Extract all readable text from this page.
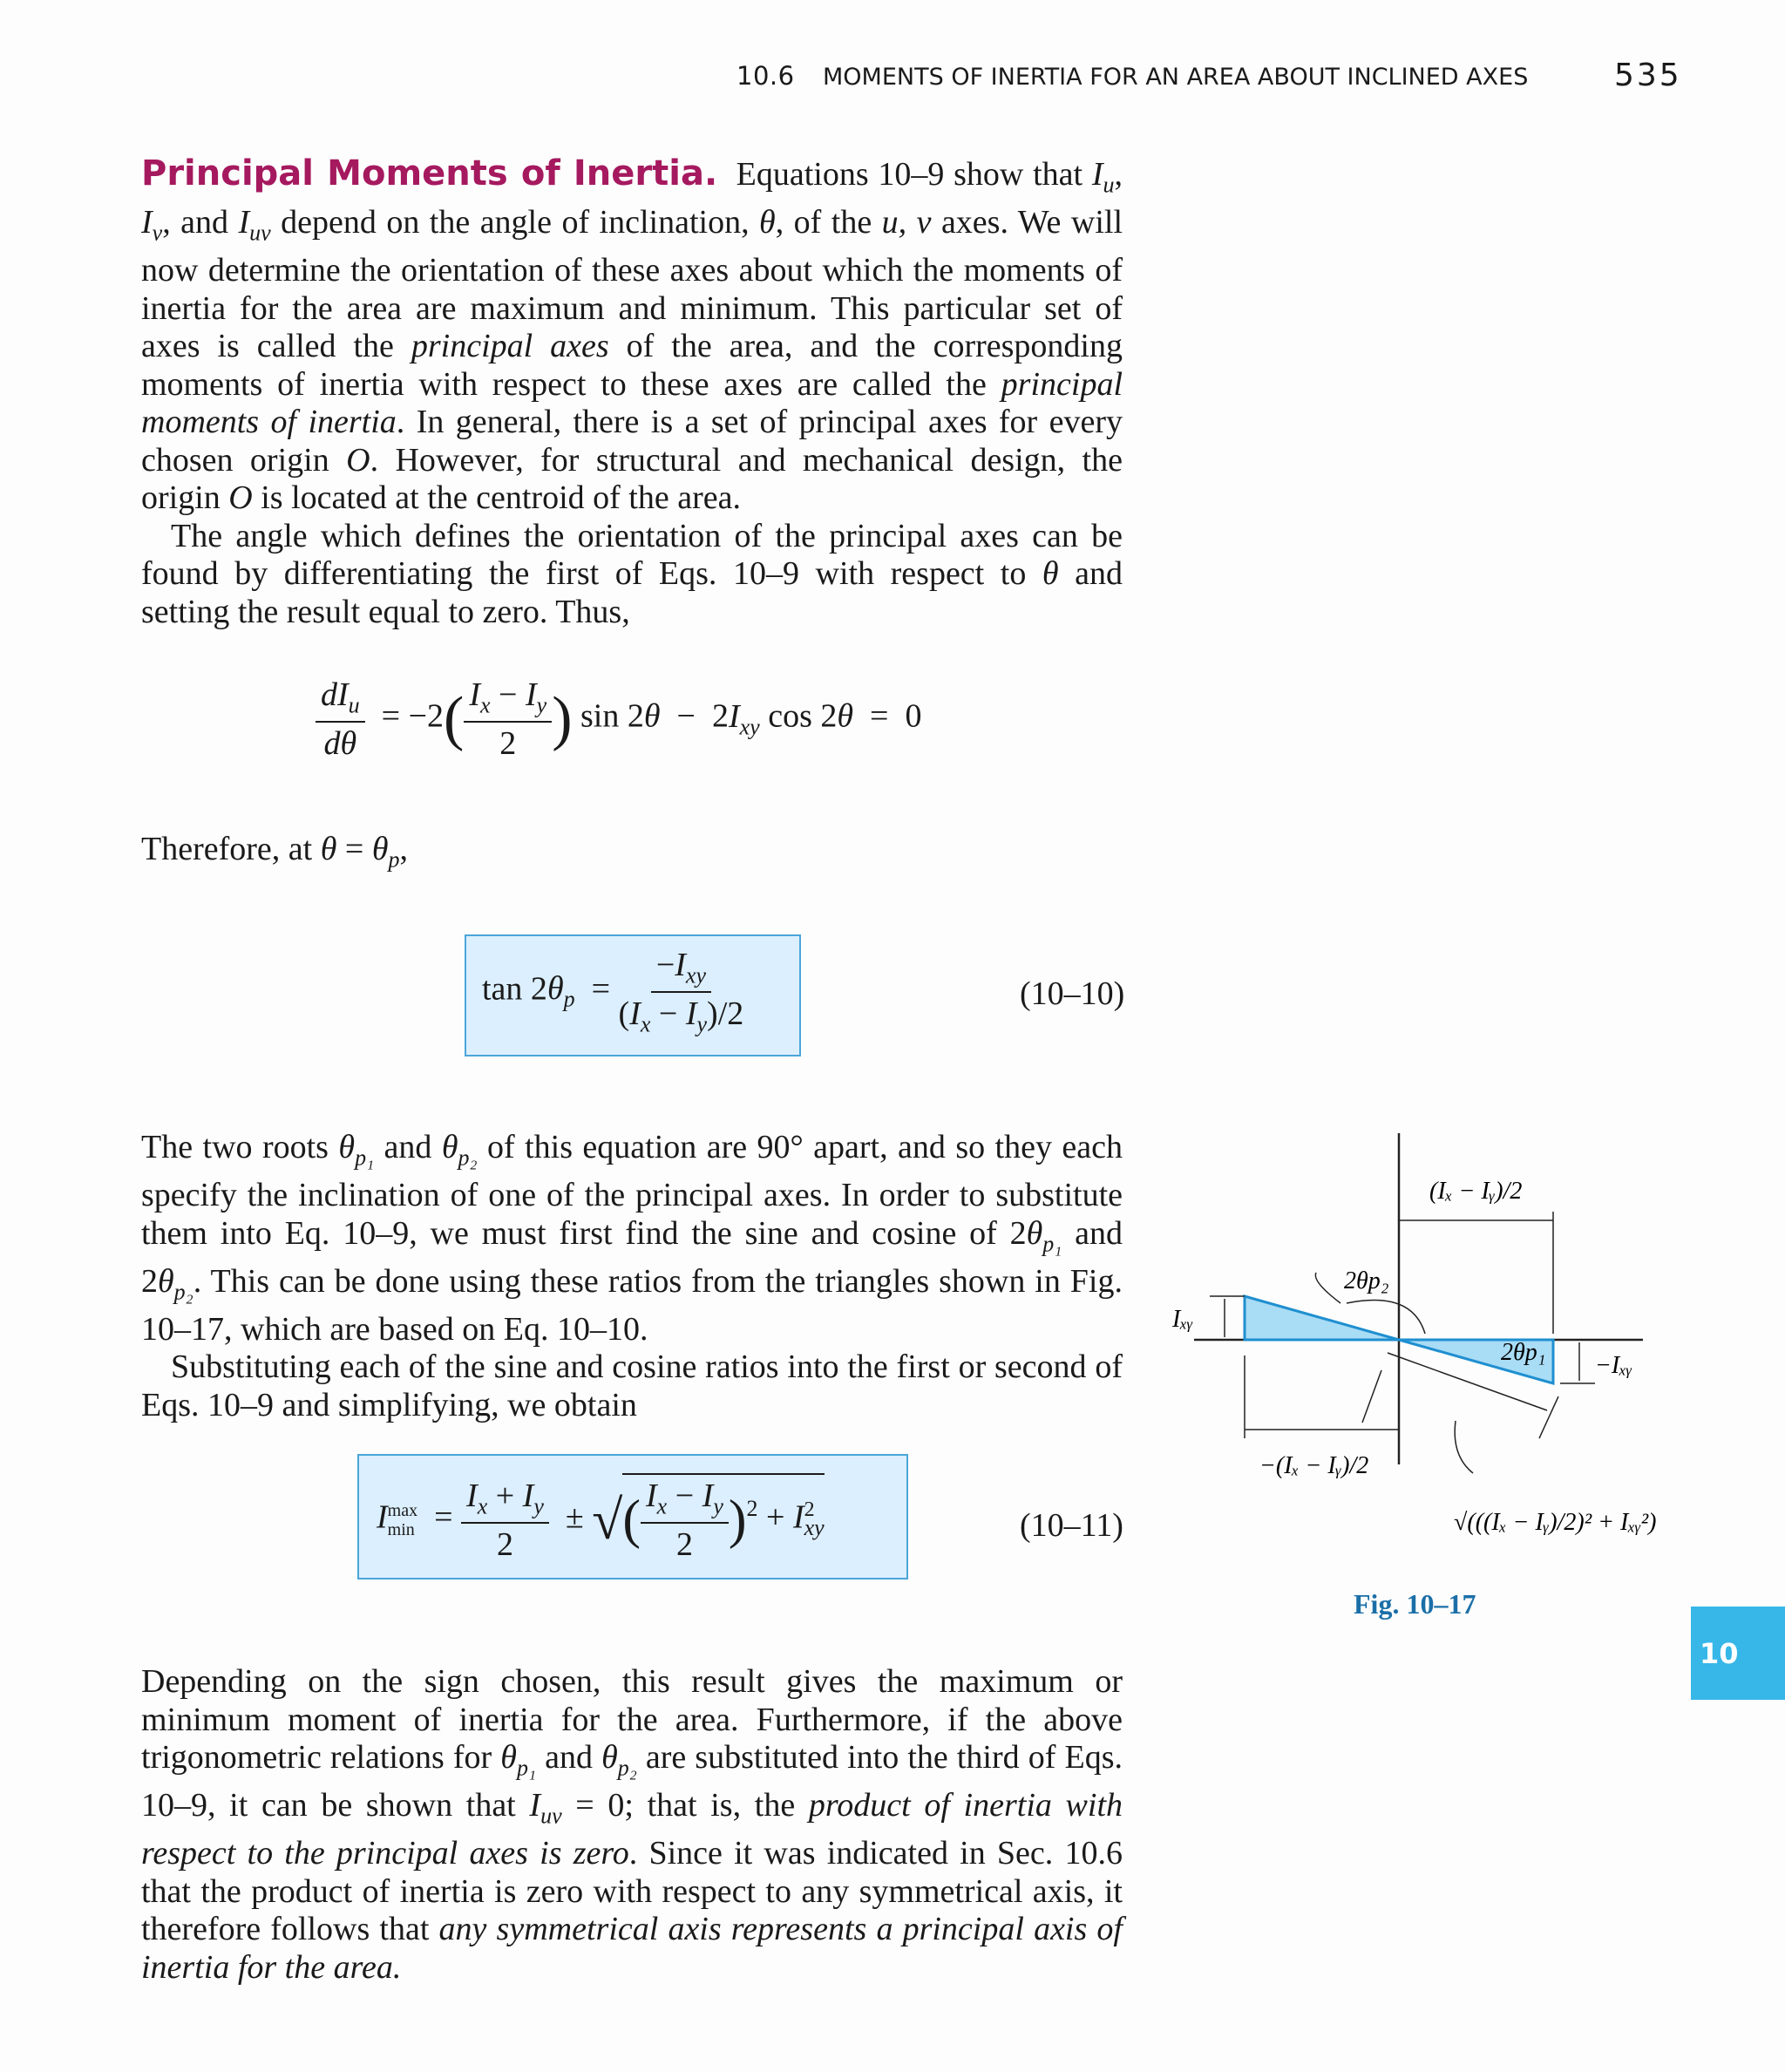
10.6 MOMENTS OF INERTIA FOR AN AREA ABOUT INCLINED AXES	535

Principal Moments of Inertia. Equations 10–9 show that $I_u$, $I_v$, and $I_{uv}$ depend on the angle of inclination, θ, of the u, v axes. We will now determine the orientation of these axes about which the moments of inertia for the area are maximum and minimum. This particular set of axes is called the principal axes of the area, and the corresponding moments of inertia with respect to these axes are called the principal moments of inertia. In general, there is a set of principal axes for every chosen origin O. However, for structural and mechanical design, the origin O is located at the centroid of the area.

The angle which defines the orientation of the principal axes can be found by differentiating the first of Eqs. 10–9 with respect to θ and setting the result equal to zero. Thus,

$\frac{dI_u}{d\theta} = -2( \frac{I_x - I_y}{2}$ ) $\sin 2\theta - 2I_{xy}$ cos 2θ  =  0
Therefore, at $\theta = \theta_p$,
$\tan 2\theta_p = \frac{-I_{xy}}{(I_x - I_y)/2}$	(10–10)

The two roots $\theta_{p_1}$ and $\theta_{p_2}$ of this equation are 90° apart, and so they each specify the inclination of one of the principal axes. In order to substitute them into Eq. 10–9, we must first find the sine and cosine of $2\theta_{p_1}$ and $2\theta_{p_2}$. This can be done using these ratios from the triangles shown in Fig. 10–17, which are based on Eq. 10–10.

Substituting each of the sine and cosine ratios into the first or second of Eqs. 10–9 and simplifying, we obtain

I max
$\min = \frac{I_x + I_y}{2}$ ± √( $\frac{I_x - I_y}{2} )^2 + I^2_{xy}$	(10–11)

Depending on the sign chosen, this result gives the maximum or minimum moment of inertia for the area. Furthermore, if the above trigonometric relations for $\theta_{p_1}$ and $\theta_{p_2}$ are substituted into the third of Eqs. 10–9, it can be shown that $I_{uv} = 0$; that is, the product of inertia with respect to the principal axes is zero. Since it was indicated in Sec. 10.6 that the product of inertia is zero with respect to any symmetrical axis, it therefore follows that any symmetrical axis represents a principal axis of inertia for the area.

Iₓᵧ
−Iₓᵧ
2θp₂
2θp₁
(Iₓ − Iᵧ)/2
−(Iₓ − Iᵧ)/2
√(((Iₓ − Iᵧ)/2)² + Iₓᵧ²)
Fig. 10–17
10
